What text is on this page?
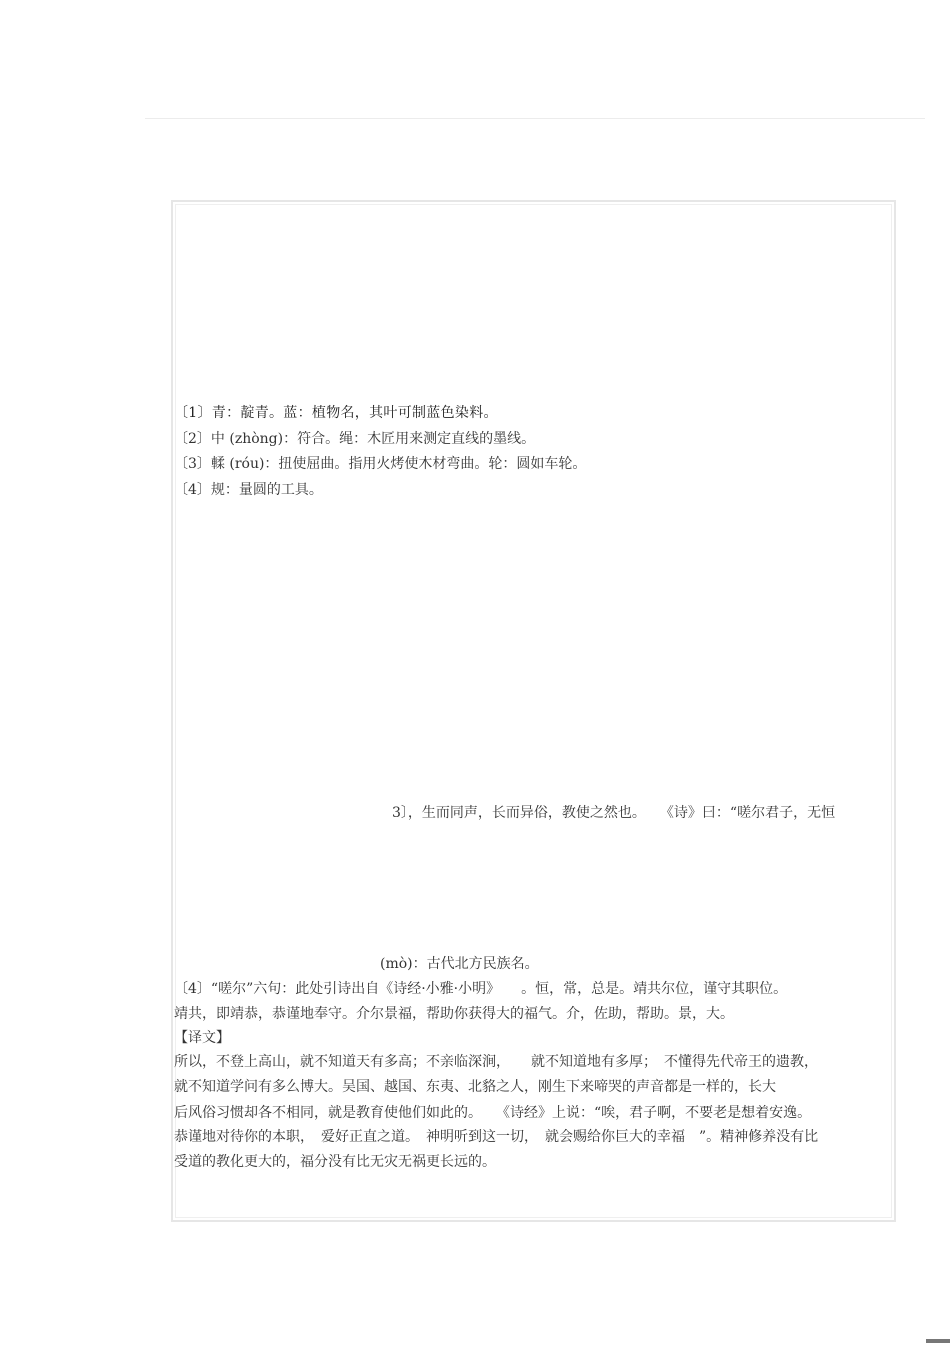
〔1〕青：靛青。蓝：植物名，其叶可制蓝色染料。
〔2〕中 (zhòng)：符合。绳：木匠用来测定直线的墨线。
〔3〕輮 (róu)：扭使屈曲。指用火烤使木材弯曲。轮：圆如车轮。
〔4〕规：量圆的工具。
3〕，生而同声，长而异俗，教使之然也。　　《诗》曰：“嗟尔君子，无恒
(mò)：古代北方民族名。
〔4〕“嗟尔”六句：此处引诗出自《诗经·小雅·小明》　　。恒，常，总是。靖共尔位，谨守其职位。
靖共，即靖恭，恭谨地奉守。介尔景福，帮助你获得大的福气。介，佐助，帮助。景，大。
【译文】
所以，不登上高山，就不知道天有多高；不亲临深涧，　　就不知道地有多厚；　不懂得先代帝王的遗教，
就不知道学问有多么博大。吴国、越国、东夷、北貉之人，刚生下来啼哭的声音都是一样的，长大
后风俗习惯却各不相同，就是教育使他们如此的。　　《诗经》上说：“唉，君子啊，不要老是想着安逸。
恭谨地对待你的本职，　爱好正直之道。　神明听到这一切，　就会赐给你巨大的幸福　”。精神修养没有比
受道的教化更大的，福分没有比无灾无祸更长远的。
